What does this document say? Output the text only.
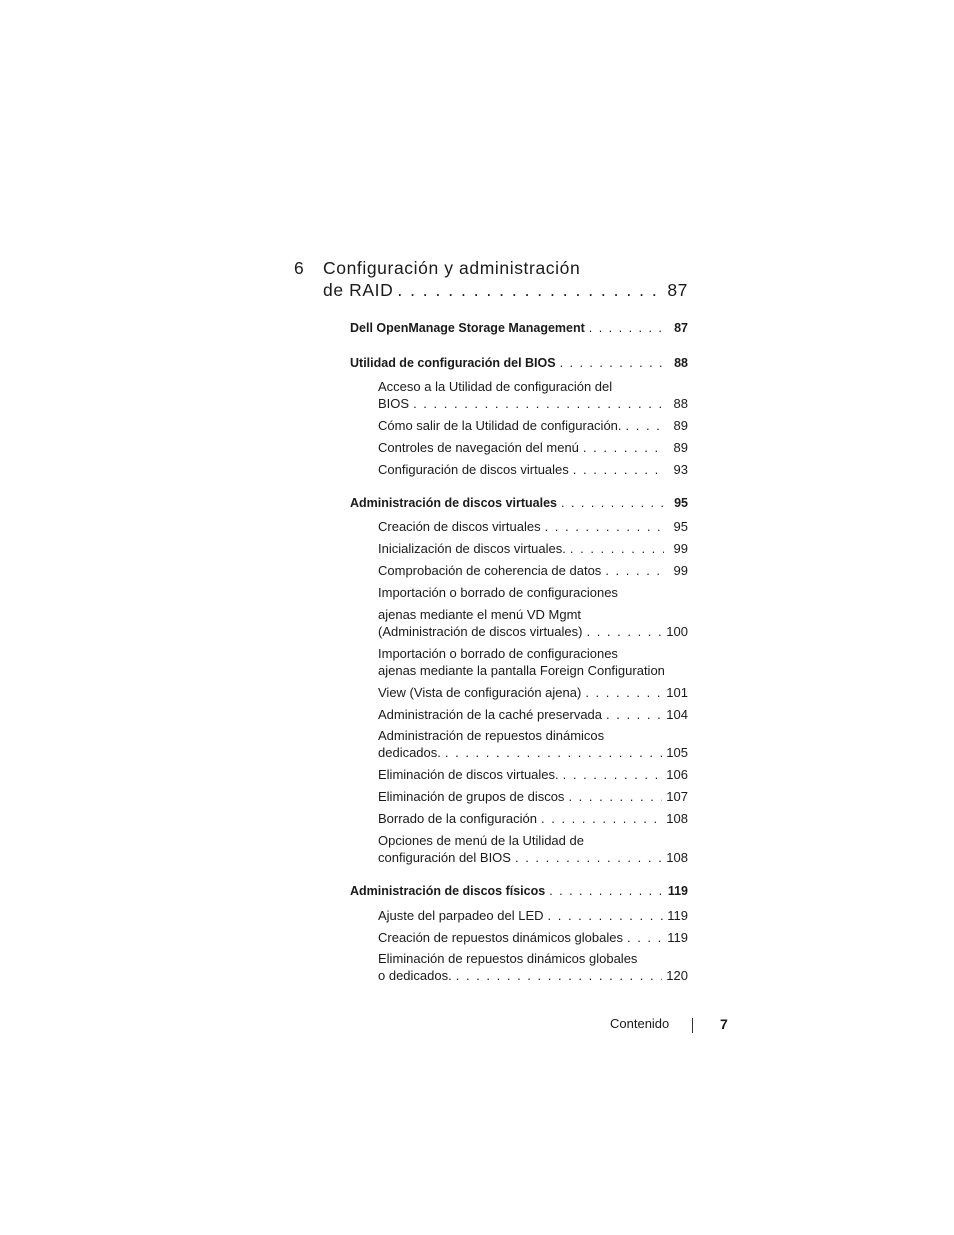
6 Configuración y administración
de RAID . . .	87
Dell OpenManage Storage Management . . .	87
Utilidad de configuración del BIOS . . .	88
Acceso a la Utilidad de configuración del
BIOS . . .	88
Cómo salir de la Utilidad de configuración. . . .	89
Controles de navegación del menú . . .	89
Configuración de discos virtuales . . .	93
Administración de discos virtuales . . .	95
Creación de discos virtuales . . .	95
Inicialización de discos virtuales. . . .	99
Comprobación de coherencia de datos . . .	99
Importación o borrado de configuraciones
ajenas mediante el menú VD Mgmt
(Administración de discos virtuales) . . .	100
Importación o borrado de configuraciones
ajenas mediante la pantalla Foreign Configuration
View (Vista de configuración ajena) . . .	101
Administración de la caché preservada . . .	104
Administración de repuestos dinámicos
dedicados. . . .	105
Eliminación de discos virtuales. . . .	106
Eliminación de grupos de discos . . .	107
Borrado de la configuración . . .	108
Opciones de menú de la Utilidad de
configuración del BIOS . . .	108
Administración de discos físicos . . .	119
Ajuste del parpadeo del LED . . .	119
Creación de repuestos dinámicos globales . . .	119
Eliminación de repuestos dinámicos globales
o dedicados. . . .	120
Contenido	7
